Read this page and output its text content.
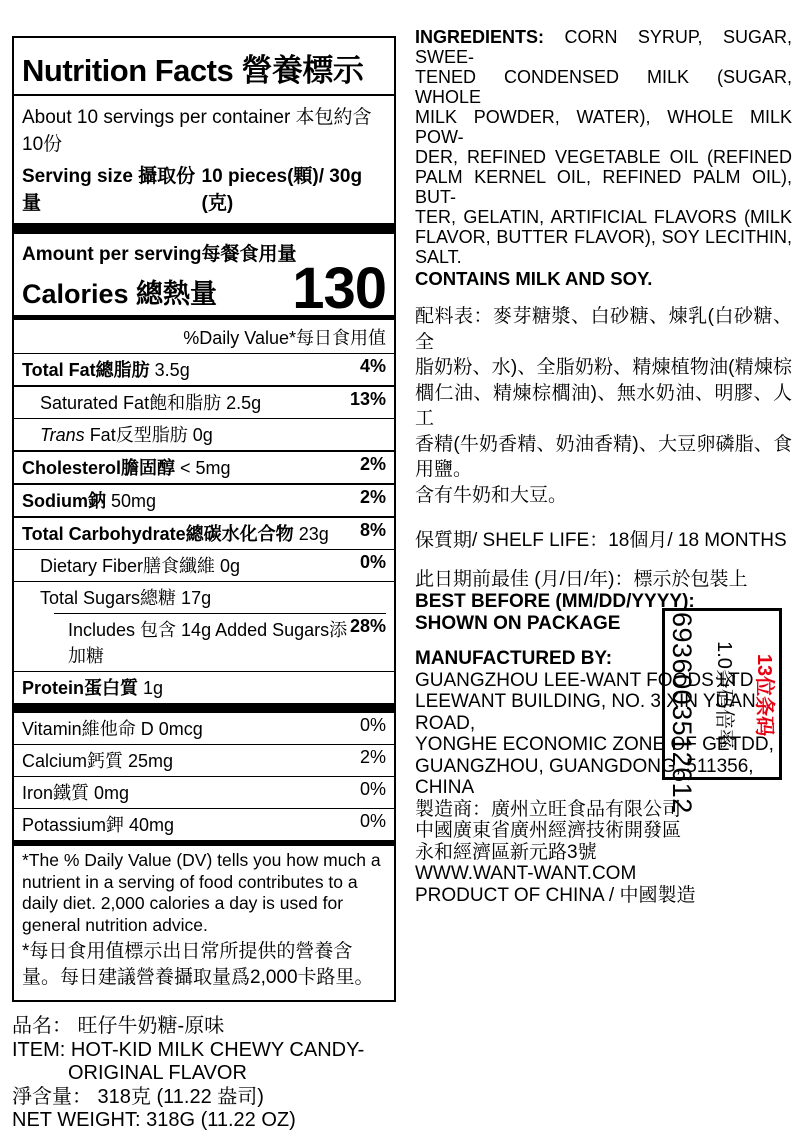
Nutrition Facts 營養標示
About 10 servings per container 本包約含10份
Serving size 攝取份量
10 pieces(顆)/ 30g (克)
Amount per serving每餐食用量
Calories 總熱量 130
%Daily Value*每日食用值
Total Fat總脂肪 3.5g	4%
Saturated Fat飽和脂肪 2.5g	13%
Trans Fat反型脂肪 0g
Cholesterol膽固醇 < 5mg	2%
Sodium鈉 50mg	2%
Total Carbohydrate總碳水化合物 23g 8%
Dietary Fiber膳食纖維 0g	0%
Total Sugars總糖 17g
Includes 包含 14g Added Sugars添加糖
28%
Protein蛋白質 1g
Vitamin維他命 D 0mcg	0%
Calcium鈣質 25mg	2%
Iron鐵質 0mg	0%
Potassium鉀 40mg	0%
*The % Daily Value (DV) tells you how much a nutrient in a serving of food contributes to a daily diet. 2,000 calories a day is used for general nutrition advice.
*每日食用值標示出日常所提供的營養含量。每日建議營養攝取量爲2,000卡路里。
品名： 旺仔牛奶糖-原味
ITEM: HOT-KID MILK CHEWY CANDY-
ORIGINAL FLAVOR
淨含量： 318克 (11.22 盎司)
NET WEIGHT: 318G (11.22 OZ)
INGREDIENTS: CORN SYRUP, SUGAR, SWEE-
TENED CONDENSED MILK (SUGAR, WHOLE
MILK POWDER, WATER), WHOLE MILK POW-
DER, REFINED VEGETABLE OIL (REFINED
PALM KERNEL OIL, REFINED PALM OIL), BUT-
TER, GELATIN, ARTIFICIAL FLAVORS (MILK
FLAVOR, BUTTER FLAVOR), SOY LECITHIN,
SALT.
CONTAINS MILK AND SOY.
配料表：麥芽糖漿、白砂糖、煉乳(白砂糖、全
脂奶粉、水)、全脂奶粉、精煉植物油(精煉棕
櫚仁油、精煉棕櫚油)、無水奶油、明膠、人工
香精(牛奶香精、奶油香精)、大豆卵磷脂、食
用鹽。
含有牛奶和大豆。
保質期/ SHELF LIFE：18個月/ 18 MONTHS
此日期前最佳 (月/日/年)：標示於包裝上
BEST BEFORE (MM/DD/YYYY):
SHOWN ON PACKAGE
MANUFACTURED BY:
GUANGZHOU LEE-WANT FOODS LTD
LEEWANT BUILDING, NO. 3 XIN YUAN ROAD,
YONGHE ECONOMIC ZONE OF GETDD,
GUANGZHOU, GUANGDONG, 511356, CHINA
製造商：廣州立旺食品有限公司
中國廣東省廣州經濟技術開發區
永和經濟區新元路3號
WWW.WANT-WANT.COM
PRODUCT OF CHINA / 中國製造
13位条码
1.0条码倍率
6936003512612
